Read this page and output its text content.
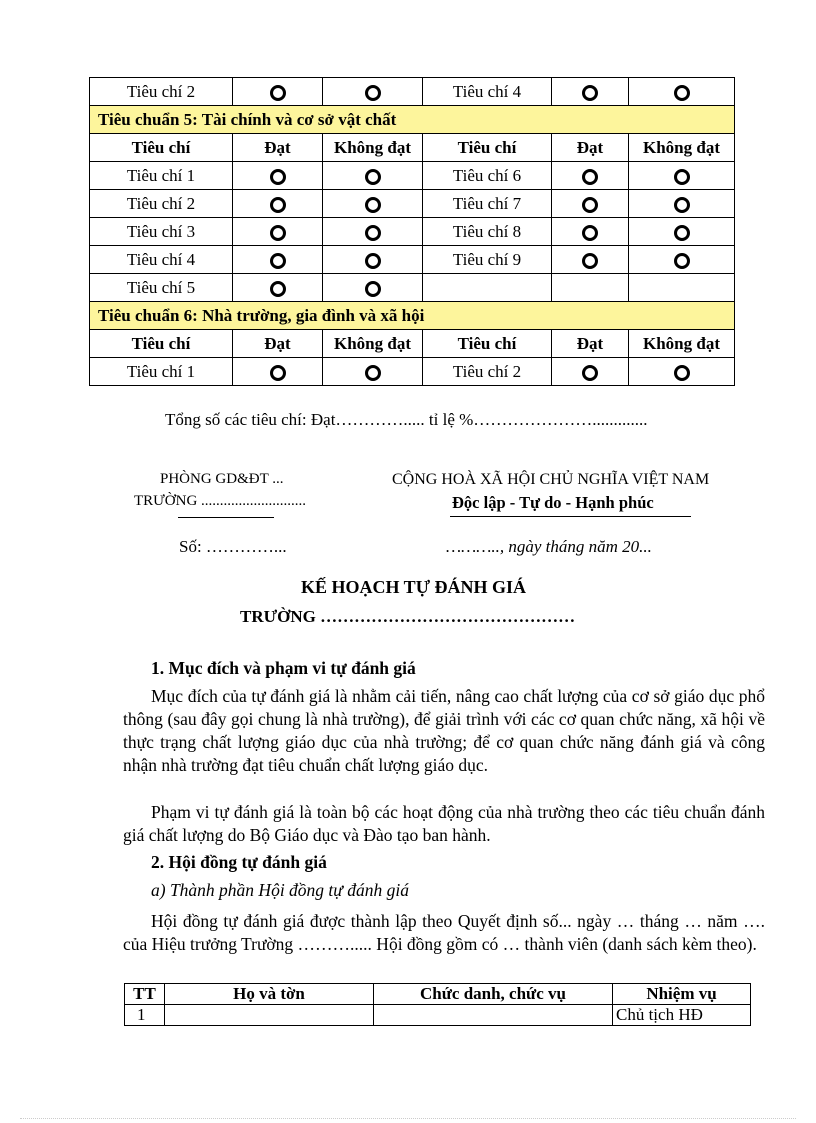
Tiêu chí 2			Tiêu chí 4		
Tiêu chuẩn 5: Tài chính và cơ sở vật chất					
Tiêu chí	Đạt	Không đạt	Tiêu chí	Đạt	Không đạt
Tiêu chí 1			Tiêu chí 6		
Tiêu chí 2			Tiêu chí 7		
Tiêu chí 3			Tiêu chí 8		
Tiêu chí 4			Tiêu chí 9		
Tiêu chí 5					
Tiêu chuẩn 6: Nhà trường, gia đình và xã hội					
Tiêu chí	Đạt	Không đạt	Tiêu chí	Đạt	Không đạt
Tiêu chí 1			Tiêu chí 2		
Tổng số các tiêu chí: Đạt…………..... tỉ lệ %………………….............
PHÒNG GD&ĐT ...
TRƯỜNG ............................
CỘNG HOÀ XÃ HỘI CHỦ NGHĨA VIỆT NAM
Độc lập - Tự do - Hạnh phúc
Số: …………...	……….., ngày tháng năm 20...
KẾ HOẠCH TỰ ĐÁNH GIÁ
TRƯỜNG ………………………………………
1. Mục đích và phạm vi tự đánh giá
Mục đích của tự đánh giá là nhằm cải tiến, nâng cao chất lượng của cơ sở giáo dục phổ thông (sau đây gọi chung là nhà trường), để giải trình với các cơ quan chức năng, xã hội về thực trạng chất lượng giáo dục của nhà trường; để cơ quan chức năng đánh giá và công nhận nhà trường đạt tiêu chuẩn chất lượng giáo dục.
Phạm vi tự đánh giá là toàn bộ các hoạt động của nhà trường theo các tiêu chuẩn đánh giá chất lượng do Bộ Giáo dục và Đào tạo ban hành.
2. Hội đồng tự đánh giá
a) Thành phần Hội đồng tự đánh giá
Hội đồng tự đánh giá được thành lập theo Quyết định số... ngày … tháng … năm …. của Hiệu trưởng Trường ………..... Hội đồng gồm có … thành viên (danh sách kèm theo).
TT	Họ và tờn	Chức danh, chức vụ	Nhiệm vụ
1			Chủ tịch HĐ
